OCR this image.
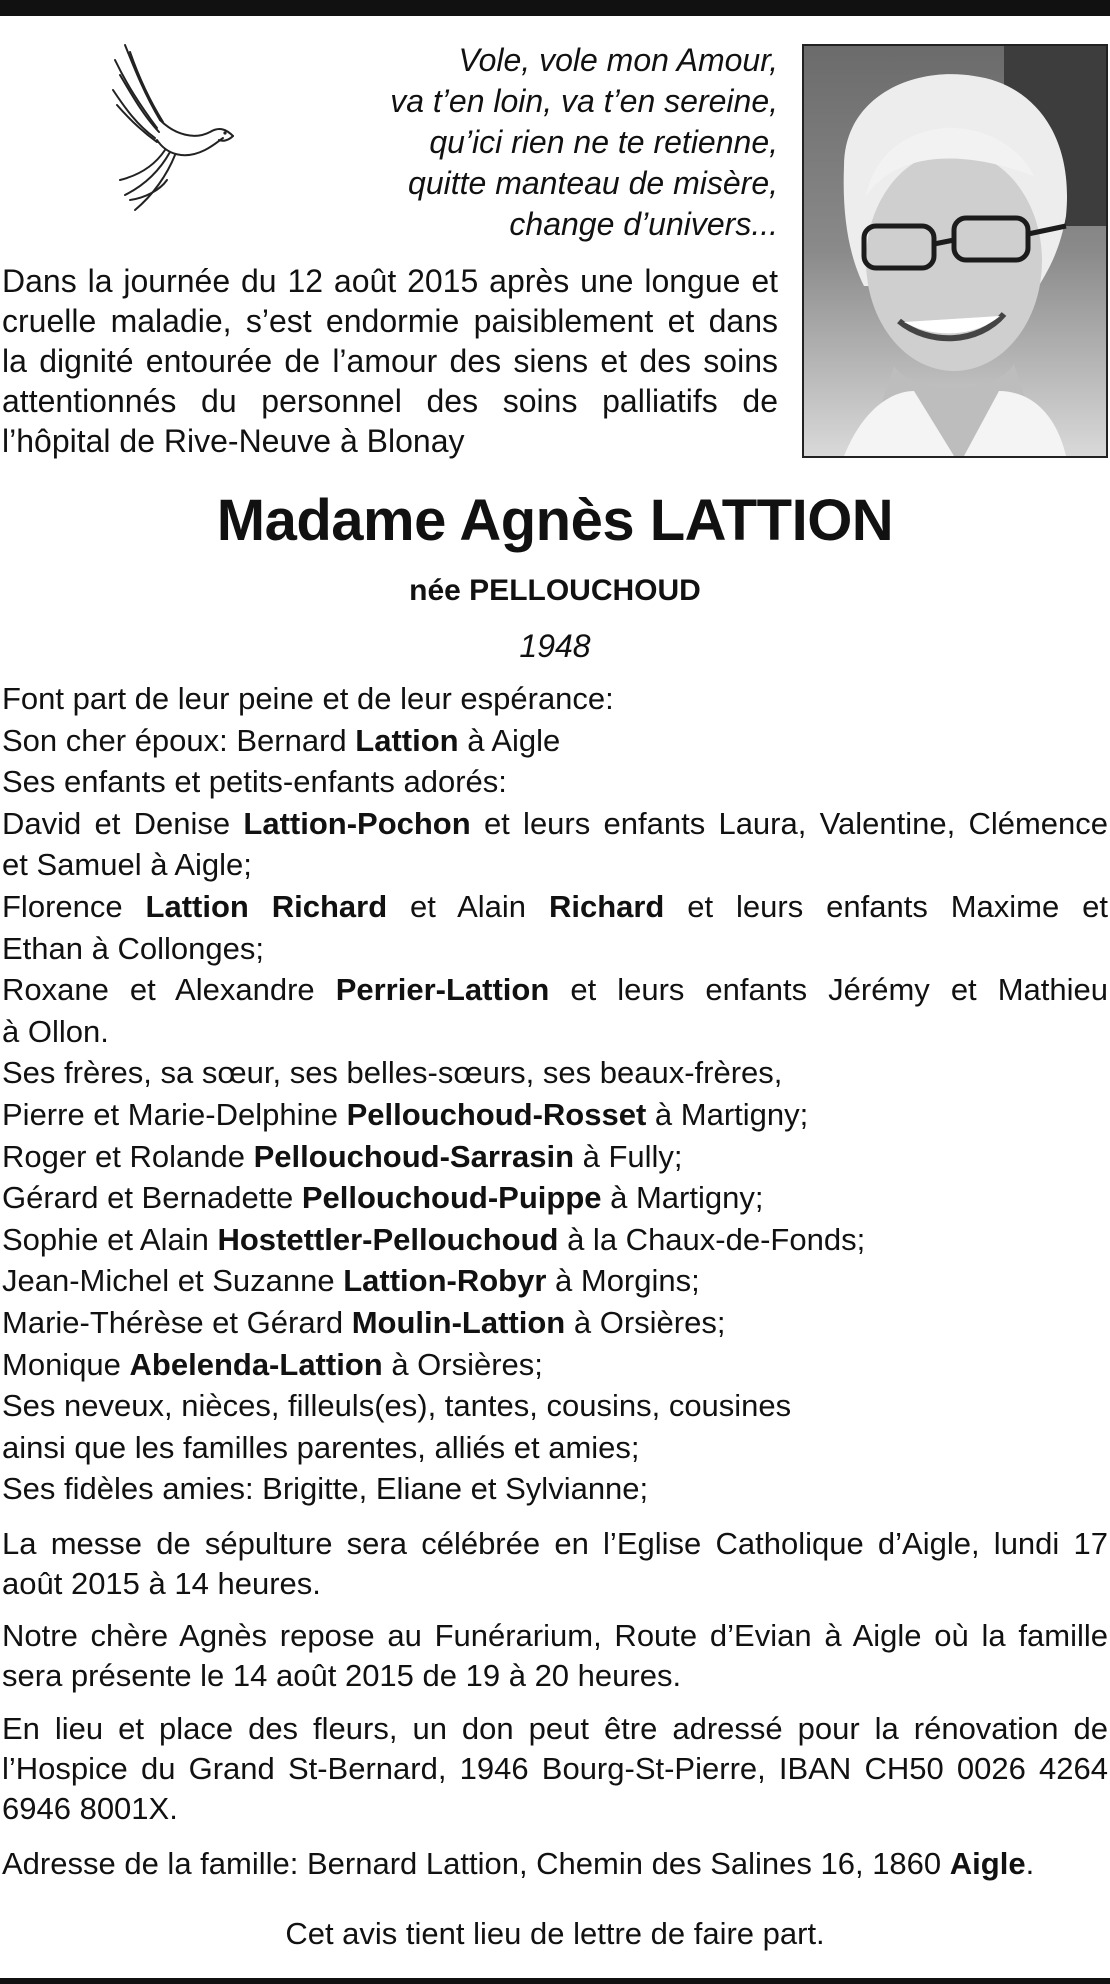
Vole, vole mon Amour,
va t’en loin, va t’en sereine,
qu’ici rien ne te retienne,
quitte manteau de misère,
change d’univers...
Dans la journée du 12 août 2015 après une longue et cruelle maladie, s’est endormie paisiblement et dans la dignité entourée de l’amour des siens et des soins attentionnés du personnel des soins palliatifs de l’hôpital de Rive-Neuve à Blonay
Madame Agnès LATTION
née PELLOUCHOUD
1948
Font part de leur peine et de leur espérance:
Son cher époux: Bernard Lattion à Aigle
Ses enfants et petits-enfants adorés:
David et Denise Lattion-Pochon et leurs enfants Laura, Valentine, Clémence
et Samuel à Aigle;
Florence Lattion Richard et Alain Richard et leurs enfants Maxime et
Ethan à Collonges;
Roxane et Alexandre Perrier-Lattion et leurs enfants Jérémy et Mathieu
à Ollon.
Ses frères, sa sœur, ses belles-sœurs, ses beaux-frères,
Pierre et Marie-Delphine Pellouchoud-Rosset à Martigny;
Roger et Rolande Pellouchoud-Sarrasin à Fully;
Gérard et Bernadette Pellouchoud-Puippe à Martigny;
Sophie et Alain Hostettler-Pellouchoud à la Chaux-de-Fonds;
Jean-Michel et Suzanne Lattion-Robyr à Morgins;
Marie-Thérèse et Gérard Moulin-Lattion à Orsières;
Monique Abelenda-Lattion à Orsières;
Ses neveux, nièces, filleuls(es), tantes, cousins, cousines
ainsi que les familles parentes, alliés et amies;
Ses fidèles amies: Brigitte, Eliane et Sylvianne;
La messe de sépulture sera célébrée en l’Eglise Catholique d’Aigle, lundi 17 août 2015 à 14 heures.
Notre chère Agnès repose au Funérarium, Route d’Evian à Aigle où la famille sera présente le 14 août 2015 de 19 à 20 heures.
En lieu et place des fleurs, un don peut être adressé pour la rénovation de l’Hospice du Grand St-Bernard, 1946 Bourg-St-Pierre, IBAN CH50 0026 4264 6946 8001X.
Adresse de la famille: Bernard Lattion, Chemin des Salines 16, 1860 Aigle.
Cet avis tient lieu de lettre de faire part.
